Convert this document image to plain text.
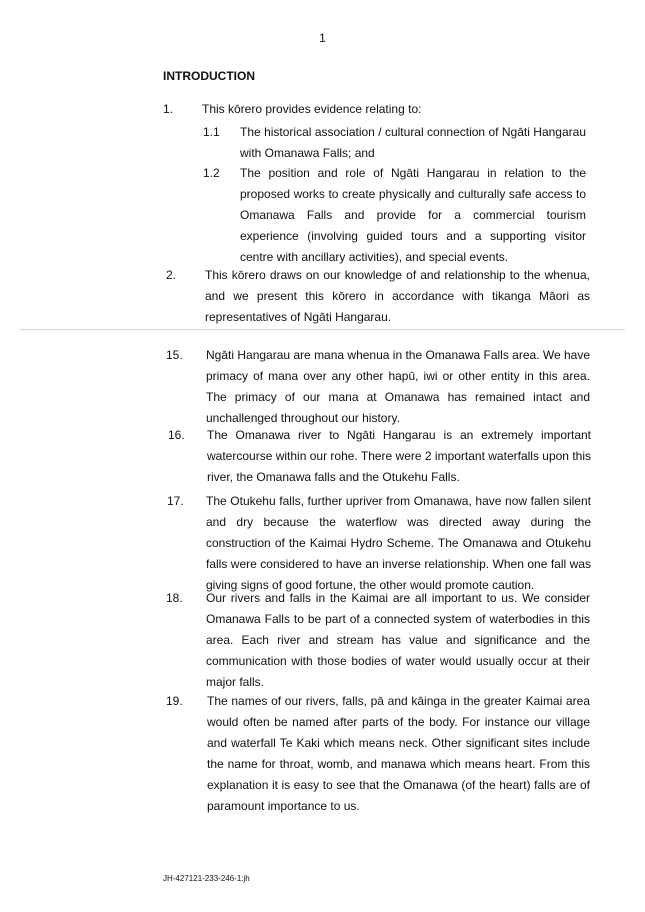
1
INTRODUCTION
1. This kōrero provides evidence relating to:
1.1 The historical association / cultural connection of Ngāti Hangarau with Omanawa Falls; and
1.2 The position and role of Ngāti Hangarau in relation to the proposed works to create physically and culturally safe access to Omanawa Falls and provide for a commercial tourism experience (involving guided tours and a supporting visitor centre with ancillary activities), and special events.
2. This kōrero draws on our knowledge of and relationship to the whenua, and we present this kōrero in accordance with tikanga Māori as representatives of Ngāti Hangarau.
15. Ngāti Hangarau are mana whenua in the Omanawa Falls area. We have primacy of mana over any other hapū, iwi or other entity in this area. The primacy of our mana at Omanawa has remained intact and unchallenged throughout our history.
16. The Omanawa river to Ngāti Hangarau is an extremely important watercourse within our rohe. There were 2 important waterfalls upon this river, the Omanawa falls and the Otukehu Falls.
17. The Otukehu falls, further upriver from Omanawa, have now fallen silent and dry because the waterflow was directed away during the construction of the Kaimai Hydro Scheme. The Omanawa and Otukehu falls were considered to have an inverse relationship. When one fall was giving signs of good fortune, the other would promote caution.
18. Our rivers and falls in the Kaimai are all important to us. We consider Omanawa Falls to be part of a connected system of waterbodies in this area. Each river and stream has value and significance and the communication with those bodies of water would usually occur at their major falls.
19. The names of our rivers, falls, pā and kāinga in the greater Kaimai area would often be named after parts of the body. For instance our village and waterfall Te Kaki which means neck. Other significant sites include the name for throat, womb, and manawa which means heart. From this explanation it is easy to see that the Omanawa (of the heart) falls are of paramount importance to us.
JH-427121-233-246-1:jh
